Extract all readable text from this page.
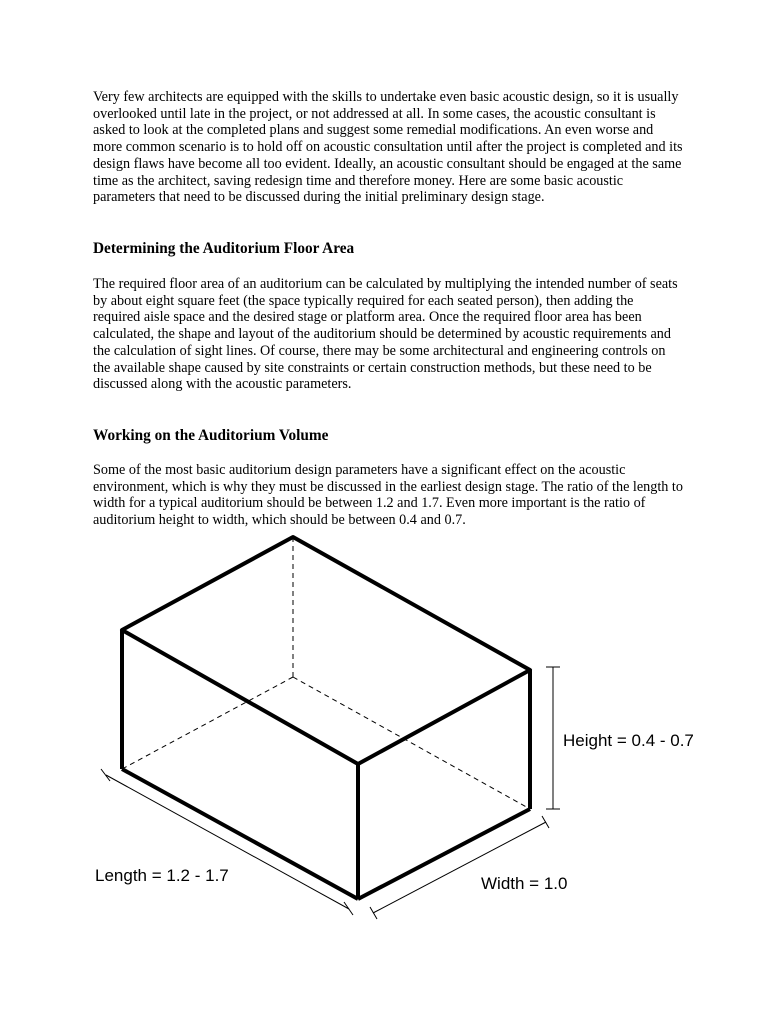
Very few architects are equipped with the skills to undertake even basic acoustic design, so it is usually overlooked until late in the project, or not addressed at all. In some cases, the acoustic consultant is asked to look at the completed plans and suggest some remedial modifications. An even worse and more common scenario is to hold off on acoustic consultation until after the project is completed and its design flaws have become all too evident. Ideally, an acoustic consultant should be engaged at the same time as the architect, saving redesign time and therefore money. Here are some basic acoustic parameters that need to be discussed during the initial preliminary design stage.

Determining the Auditorium Floor Area

The required floor area of an auditorium can be calculated by multiplying the intended number of seats by about eight square feet (the space typically required for each seated person), then adding the required aisle space and the desired stage or platform area. Once the required floor area has been calculated, the shape and layout of the auditorium should be determined by acoustic requirements and the calculation of sight lines. Of course, there may be some architectural and engineering controls on the available shape caused by site constraints or certain construction methods, but these need to be discussed along with the acoustic parameters.

Working on the Auditorium Volume

Some of the most basic auditorium design parameters have a significant effect on the acoustic environment, which is why they must be discussed in the earliest design stage. The ratio of the length to width for a typical auditorium should be between 1.2 and 1.7. Even more important is the ratio of auditorium height to width, which should be between 0.4 and 0.7.

Height = 0.4 - 0.7
Length = 1.2 - 1.7	Width = 1.0
